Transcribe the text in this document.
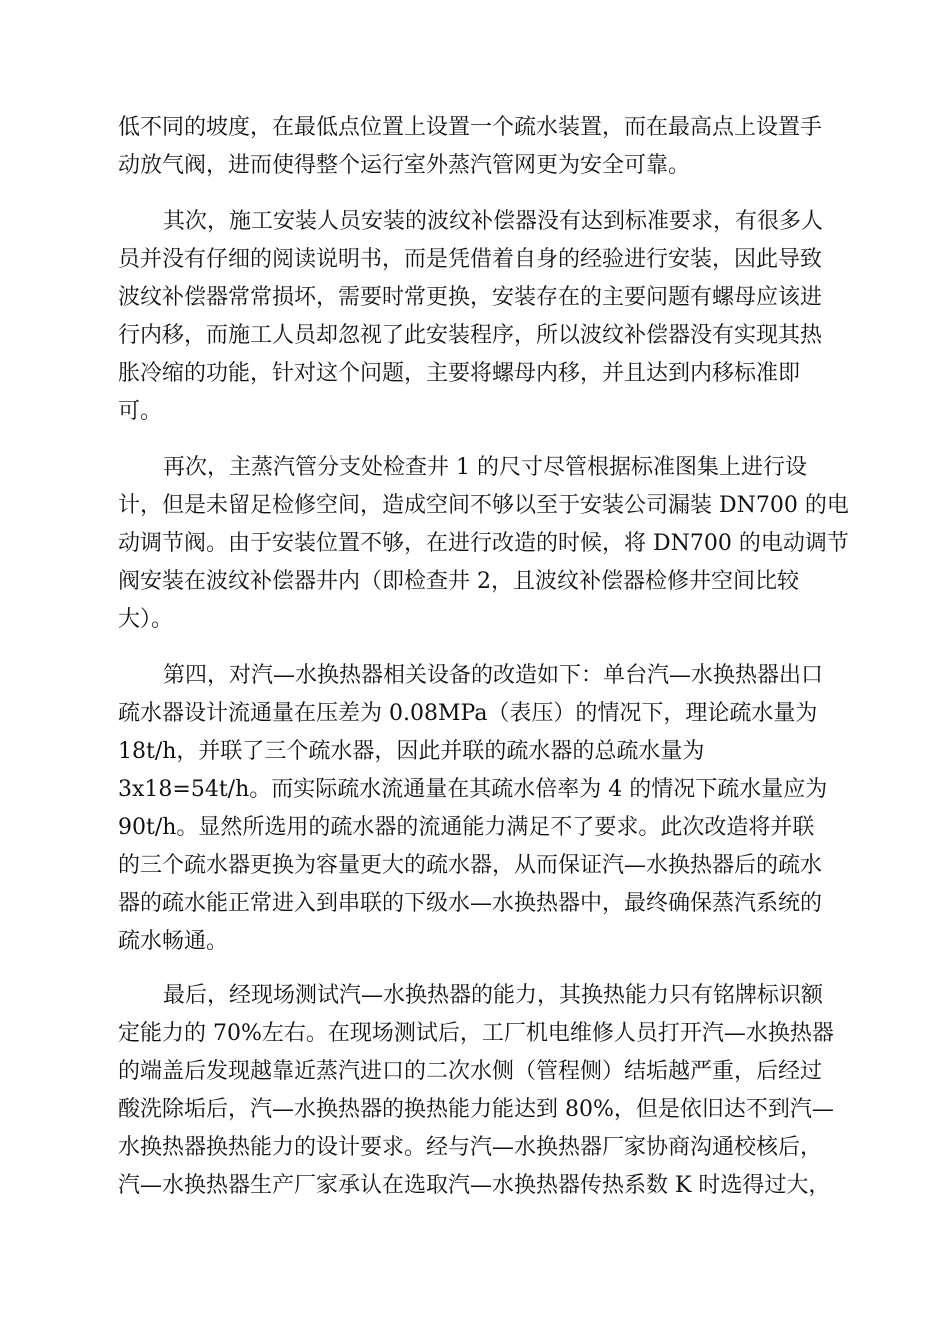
低不同的坡度，在最低点位置上设置一个疏水装置，而在最高点上设置手
动放气阀，进而使得整个运行室外蒸汽管网更为安全可靠。
其次，施工安装人员安装的波纹补偿器没有达到标准要求，有很多人
员并没有仔细的阅读说明书，而是凭借着自身的经验进行安装，因此导致
波纹补偿器常常损坏，需要时常更换，安装存在的主要问题有螺母应该进
行内移，而施工人员却忽视了此安装程序，所以波纹补偿器没有实现其热
胀冷缩的功能，针对这个问题，主要将螺母内移，并且达到内移标准即
可。
再次，主蒸汽管分支处检查井 1 的尺寸尽管根据标准图集上进行设
计，但是未留足检修空间，造成空间不够以至于安装公司漏装 DN700 的电
动调节阀。由于安装位置不够，在进行改造的时候，将 DN700 的电动调节
阀安装在波纹补偿器井内（即检查井 2，且波纹补偿器检修井空间比较
大）。
第四，对汽—水换热器相关设备的改造如下：单台汽—水换热器出口
疏水器设计流通量在压差为 0.08MPa（表压）的情况下，理论疏水量为
18t/h，并联了三个疏水器，因此并联的疏水器的总疏水量为
3x18=54t/h。而实际疏水流通量在其疏水倍率为 4 的情况下疏水量应为
90t/h。显然所选用的疏水器的流通能力满足不了要求。此次改造将并联
的三个疏水器更换为容量更大的疏水器，从而保证汽—水换热器后的疏水
器的疏水能正常进入到串联的下级水—水换热器中，最终确保蒸汽系统的
疏水畅通。
最后，经现场测试汽—水换热器的能力，其换热能力只有铭牌标识额
定能力的 70%左右。在现场测试后，工厂机电维修人员打开汽—水换热器
的端盖后发现越靠近蒸汽进口的二次水侧（管程侧）结垢越严重，后经过
酸洗除垢后，汽—水换热器的换热能力能达到 80%，但是依旧达不到汽—
水换热器换热能力的设计要求。经与汽—水换热器厂家协商沟通校核后，
汽—水换热器生产厂家承认在选取汽—水换热器传热系数 K 时选得过大，
